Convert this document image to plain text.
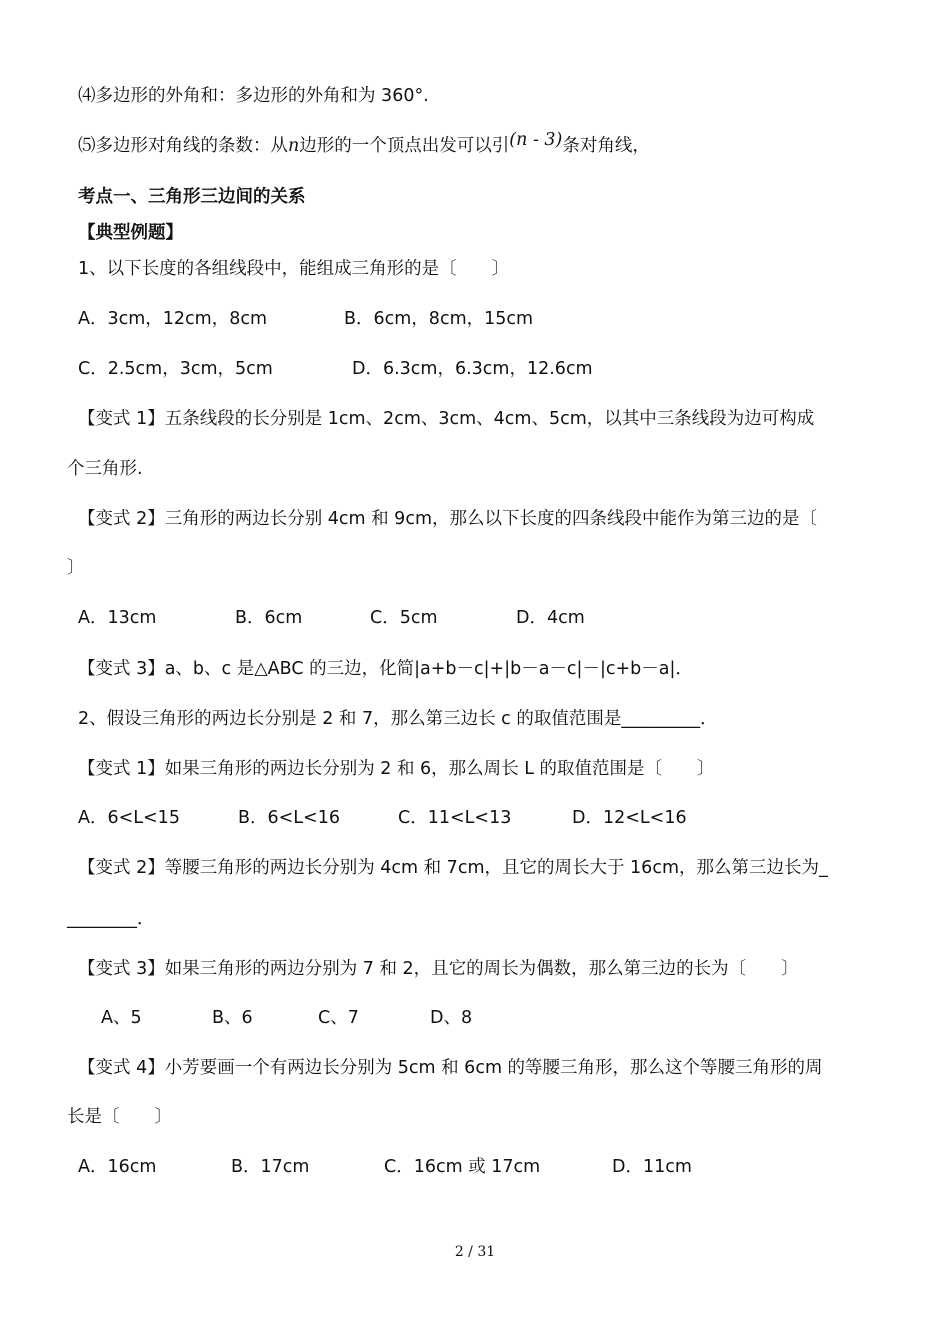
⑷多边形的外角和：多边形的外角和为 360°.
⑸多边形对角线的条数：从n边形的一个顶点出发可以引(n - 3)条对角线，
考点一、三角形三边间的关系
【典型例题】
1、以下长度的各组线段中，能组成三角形的是〔　　〕
A．3cm，12cm，8cm	B．6cm，8cm，15cm
C．2.5cm，3cm，5cm	D．6.3cm，6.3cm，12.6cm
【变式 1】五条线段的长分别是 1cm、2cm、3cm、4cm、5cm，以其中三条线段为边可构成
个三角形.
【变式 2】三角形的两边长分别 4cm 和 9cm，那么以下长度的四条线段中能作为第三边的是〔
〕
A．13cm	B．6cm	C．5cm	D．4cm
【变式 3】a、b、c 是△ABC 的三边，化简|a+b－c|+|b－a－c|－|c+b－a|．
2、假设三角形的两边长分别是 2 和 7，那么第三边长 c 的取值范围是_________．
【变式 1】如果三角形的两边长分别为 2 和 6，那么周长 L 的取值范围是〔　　〕
A．6<L<15	B．6<L<16	C．11<L<13	D．12<L<16
【变式 2】等腰三角形的两边长分别为 4cm 和 7cm，且它的周长大于 16cm，那么第三边长为_
________．
【变式 3】如果三角形的两边分别为 7 和 2，且它的周长为偶数，那么第三边的长为〔　　〕
A、5	B、6	C、7	D、8
【变式 4】小芳要画一个有两边长分别为 5cm 和 6cm 的等腰三角形，那么这个等腰三角形的周
长是〔　　〕
A．16cm	B．17cm	C．16cm 或 17cm	D．11cm
2 / 31
